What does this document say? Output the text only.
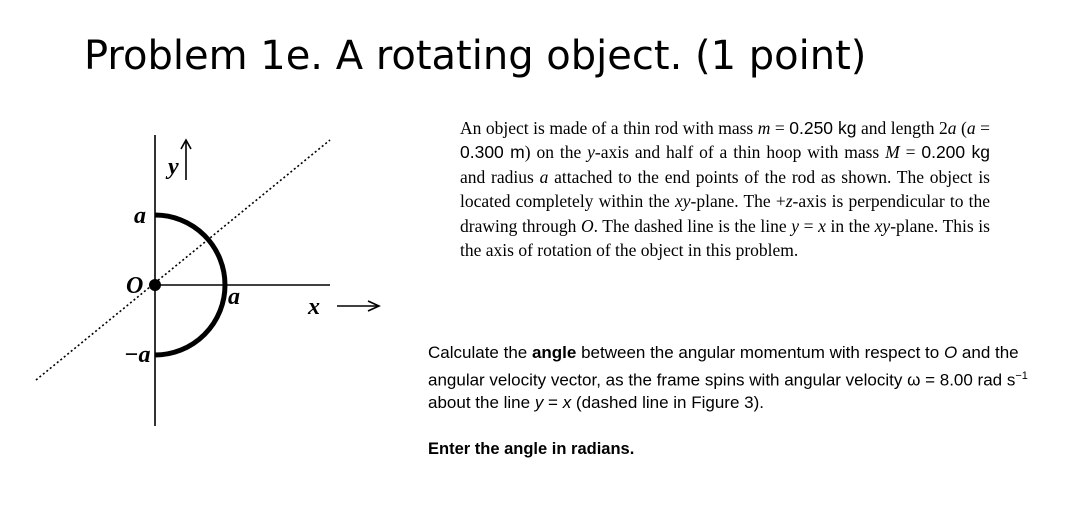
Problem 1e. A rotating object. (1 point)
a
O
−a
a
y
x

An object is made of a thin rod with mass m = 0.250 kg and length 2a (a = 0.300 m) on the y-axis and half of a thin hoop with mass M = 0.200 kg and radius a attached to the end points of the rod as shown. The object is located completely within the xy-plane. The +z-axis is perpendicular to the drawing through O. The dashed line is the line y = x in the xy-plane. This is the axis of rotation of the object in this problem.

Calculate the angle between the angular momentum with respect to O and the angular velocity vector, as the frame spins with angular velocity ω = 8.00 rad $s^{-1}$ about the line y = x (dashed line in Figure 3).

Enter the angle in radians.
